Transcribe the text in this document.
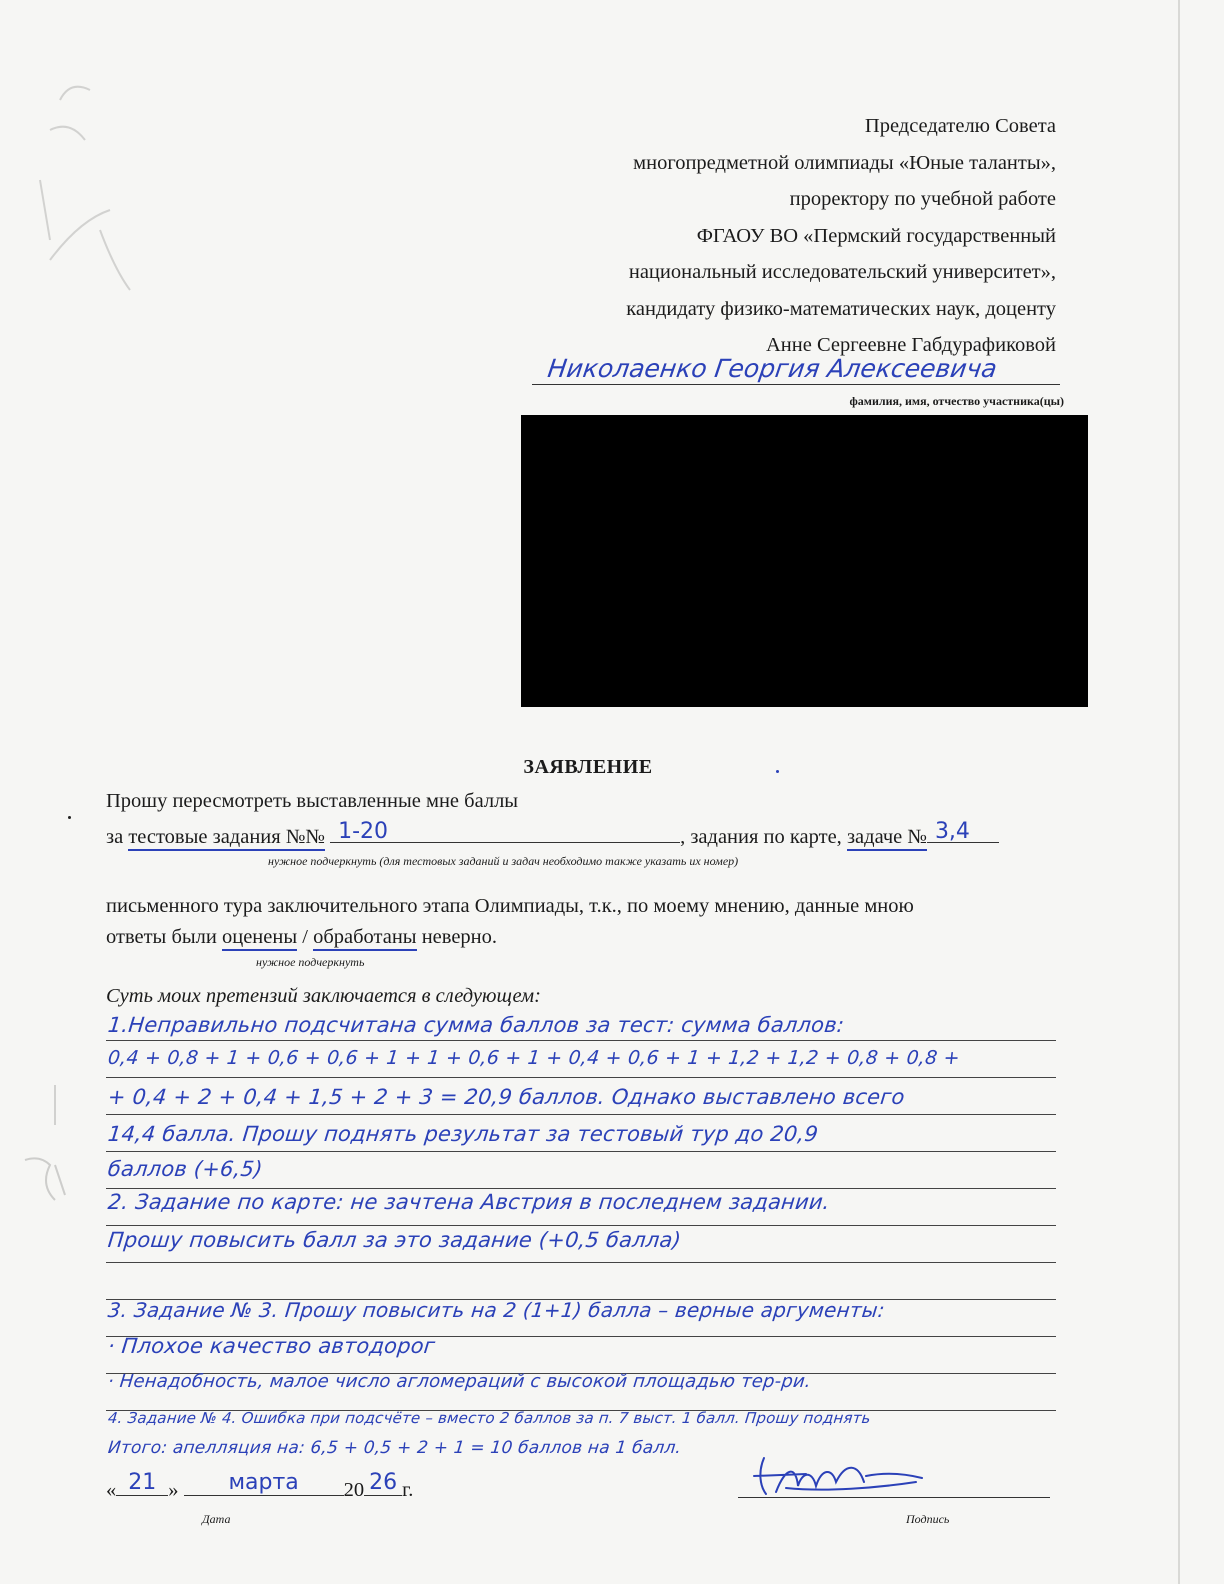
Председателю Совета
многопредметной олимпиады «Юные таланты»,
проректору по учебной работе
ФГАОУ ВО «Пермский государственный
национальный исследовательский университет»,
кандидату физико-математических наук, доценту
Анне Сергеевне Габдурафиковой
Николаенко Георгия Алексеевича
фамилия, имя, отчество участника(цы)
ЗАЯВЛЕНИЕ
Прошу пересмотреть выставленные мне баллы
за тестовые задания №№ 1-20	, задания по карте, задаче № 3,4
нужное подчеркнуть (для тестовых заданий и задач необходимо также указать их номер)
письменного тура заключительного этапа Олимпиады, т.к., по моему мнению, данные мною
ответы были оценены / обработаны неверно.
нужное подчеркнуть
Суть моих претензий заключается в следующем:
1.Неправильно подсчитана сумма баллов за тест: сумма баллов:
0,4 + 0,8 + 1 + 0,6 + 0,6 + 1 + 1 + 0,6 + 1 + 0,4 + 0,6 + 1 + 1,2 + 1,2 + 0,8 + 0,8 +
+ 0,4 + 2 + 0,4 + 1,5 + 2 + 3 = 20,9 баллов. Однако выставлено всего
14,4 балла. Прошу поднять результат за тестовый тур до 20,9
баллов (+6,5)
2. Задание по карте: не зачтена Австрия в последнем задании.
Прошу повысить балл за это задание (+0,5 балла)
3. Задание № 3. Прошу повысить на 2 (1+1) балла – верные аргументы:
· Плохое качество автодорог
· Ненадобность, малое число агломераций с высокой площадью тер-ри.
4. Задание № 4. Ошибка при подсчёте – вместо 2 баллов за п. 7 выст. 1 балл. Прошу поднять
Итого: апелляция на: 6,5 + 0,5 + 2 + 1 = 10 баллов на 1 балл.
« 21 »	марта	20 26 г.
Дата	Подпись
